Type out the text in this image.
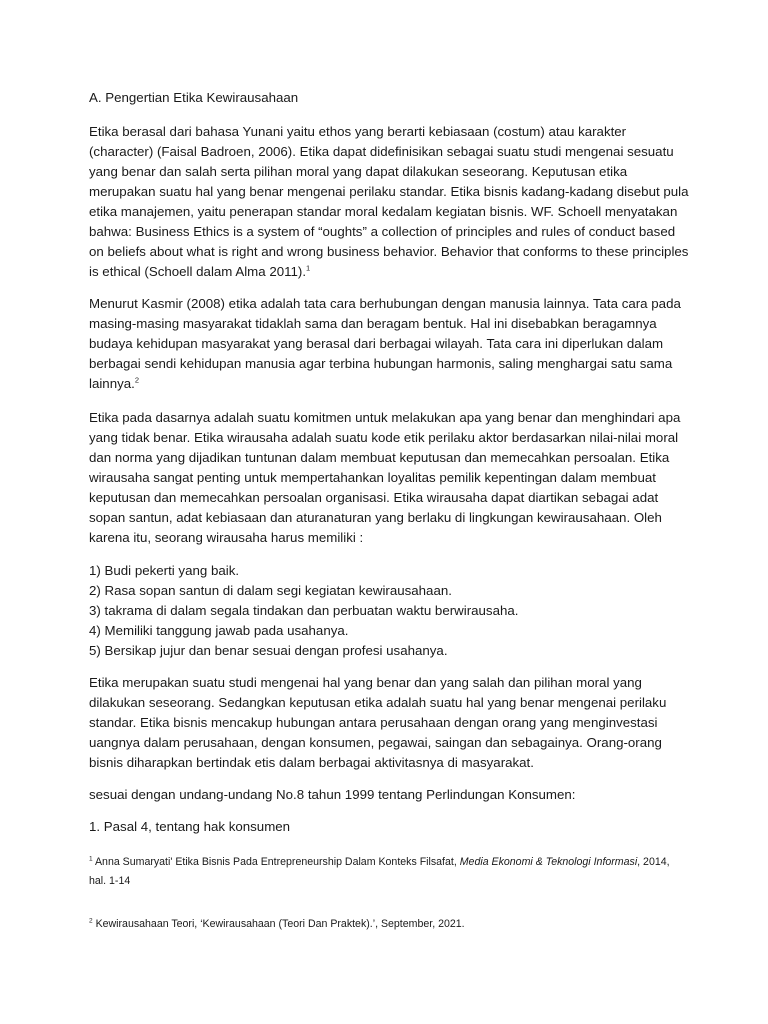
A. Pengertian Etika Kewirausahaan

Etika berasal dari bahasa Yunani yaitu ethos yang berarti kebiasaan (costum) atau karakter (character) (Faisal Badroen, 2006). Etika dapat didefinisikan sebagai suatu studi mengenai sesuatu yang benar dan salah serta pilihan moral yang dapat dilakukan seseorang. Keputusan etika merupakan suatu hal yang benar mengenai perilaku standar. Etika bisnis kadang-kadang disebut pula etika manajemen, yaitu penerapan standar moral kedalam kegiatan bisnis. WF. Schoell menyatakan bahwa: Business Ethics is a system of “oughts” a collection of principles and rules of conduct based on beliefs about what is right and wrong business behavior. Behavior that conforms to these principles is ethical (Schoell dalam Alma 2011).$^1$

Menurut Kasmir (2008) etika adalah tata cara berhubungan dengan manusia lainnya. Tata cara pada masing-masing masyarakat tidaklah sama dan beragam bentuk. Hal ini disebabkan beragamnya budaya kehidupan masyarakat yang berasal dari berbagai wilayah. Tata cara ini diperlukan dalam berbagai sendi kehidupan manusia agar terbina hubungan harmonis, saling menghargai satu sama lainnya.$^2$

Etika pada dasarnya adalah suatu komitmen untuk melakukan apa yang benar dan menghindari apa yang tidak benar. Etika wirausaha adalah suatu kode etik perilaku aktor berdasarkan nilai-nilai moral dan norma yang dijadikan tuntunan dalam membuat keputusan dan memecahkan persoalan. Etika wirausaha sangat penting untuk mempertahankan loyalitas pemilik kepentingan dalam membuat keputusan dan memecahkan persoalan organisasi. Etika wirausaha dapat diartikan sebagai adat sopan santun, adat kebiasaan dan aturanaturan yang berlaku di lingkungan kewirausahaan. Oleh karena itu, seorang wirausaha harus memiliki :

1) Budi pekerti yang baik.

2) Rasa sopan santun di dalam segi kegiatan kewirausahaan.

3) takrama di dalam segala tindakan dan perbuatan waktu berwirausaha.

4) Memiliki tanggung jawab pada usahanya.

5) Bersikap jujur dan benar sesuai dengan profesi usahanya.

Etika merupakan suatu studi mengenai hal yang benar dan yang salah dan pilihan moral yang dilakukan seseorang. Sedangkan keputusan etika adalah suatu hal yang benar mengenai perilaku standar. Etika bisnis mencakup hubungan antara perusahaan dengan orang yang menginvestasi uangnya dalam perusahaan, dengan konsumen, pegawai, saingan dan sebagainya. Orang-orang bisnis diharapkan bertindak etis dalam berbagai aktivitasnya di masyarakat.

sesuai dengan undang-undang No.8 tahun 1999 tentang Perlindungan Konsumen:

1. Pasal 4, tentang hak konsumen

$^1$ Anna Sumaryati' Etika Bisnis Pada Entrepreneurship Dalam Konteks Filsafat, Media Ekonomi & Teknologi Informasi, 2014, hal. 1-14
$^2$ Kewirausahaan Teori, ‘Kewirausahaan (Teori Dan Praktek).’, September, 2021.
